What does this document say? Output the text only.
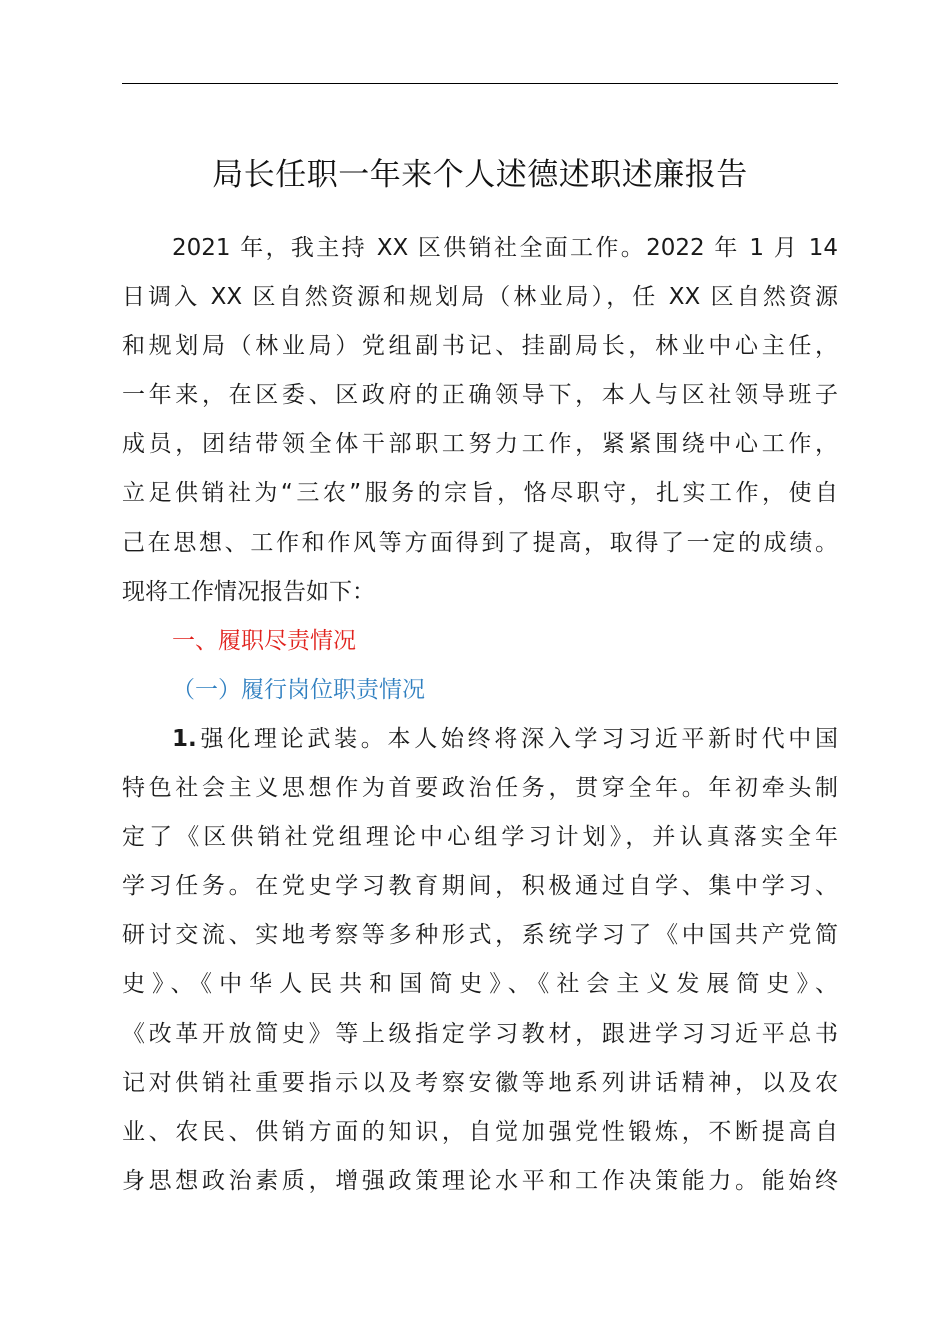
局长任职一年来个人述德述职述廉报告
2021 年，我主持 XX 区供销社全面工作。2022 年 1 月 14
日调入 XX 区自然资源和规划局（林业局），任 XX 区自然资源
和规划局（林业局）党组副书记、挂副局长，林业中心主任，
一年来，在区委、区政府的正确领导下，本人与区社领导班子
成员，团结带领全体干部职工努力工作，紧紧围绕中心工作，
立足供销社为“三农”服务的宗旨，恪尽职守，扎实工作，使自
己在思想、工作和作风等方面得到了提高，取得了一定的成绩。
现将工作情况报告如下：
一、履职尽责情况
（一）履行岗位职责情况
1.强化理论武装。本人始终将深入学习习近平新时代中国
特色社会主义思想作为首要政治任务，贯穿全年。年初牵头制
定了《区供销社党组理论中心组学习计划》，并认真落实全年
学习任务。在党史学习教育期间，积极通过自学、集中学习、
研讨交流、实地考察等多种形式，系统学习了《中国共产党简
史》、《中华人民共和国简史》、《社会主义发展简史》、
《改革开放简史》等上级指定学习教材，跟进学习习近平总书
记对供销社重要指示以及考察安徽等地系列讲话精神，以及农
业、农民、供销方面的知识，自觉加强党性锻炼，不断提高自
身思想政治素质，增强政策理论水平和工作决策能力。能始终
